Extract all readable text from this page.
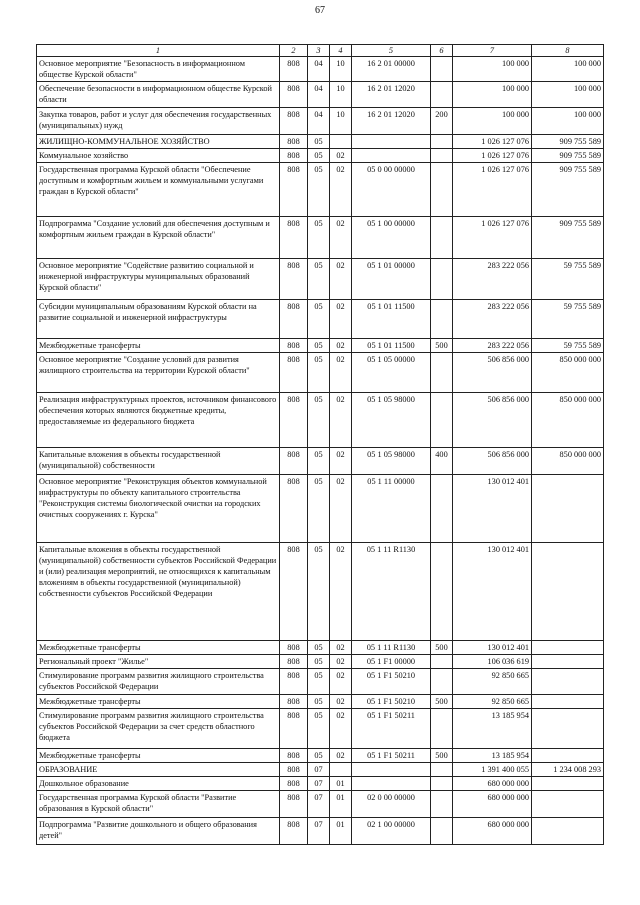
67
1	2	3	4	5	6	7	8
Основное мероприятие "Безопасность в информационном обществе Курской области"	808	04	10	16 2 01 00000		100 000	100 000
Обеспечение безопасности в информационном обществе Курской области	808	04	10	16 2 01 12020		100 000	100 000
Закупка товаров, работ и услуг для обеспечения государственных (муниципальных) нужд	808	04	10	16 2 01 12020	200	100 000	100 000
ЖИЛИЩНО-КОММУНАЛЬНОЕ ХОЗЯЙСТВО	808	05				1 026 127 076	909 755 589
Коммунальное хозяйство	808	05	02			1 026 127 076	909 755 589
Государственная программа Курской области "Обеспечение доступным и комфортным жильем и коммунальными услугами граждан в Курской области"	808	05	02	05 0 00 00000		1 026 127 076	909 755 589
Подпрограмма "Создание условий для обеспечения доступным и комфортным жильем граждан в Курской области"	808	05	02	05 1 00 00000		1 026 127 076	909 755 589
Основное мероприятие "Содействие развитию социальной и инженерной инфраструктуры муниципальных образований Курской области"	808	05	02	05 1 01 00000		283 222 056	59 755 589
Субсидии муниципальным образованиям Курской области на развитие социальной и инженерной инфраструктуры	808	05	02	05 1 01 11500		283 222 056	59 755 589
Межбюджетные трансферты	808	05	02	05 1 01 11500	500	283 222 056	59 755 589
Основное мероприятие "Создание условий для развития жилищного строительства на территории Курской области"	808	05	02	05 1 05 00000		506 856 000	850 000 000
Реализация инфраструктурных проектов, источником финансового обеспечения которых являются бюджетные кредиты, предоставляемые из федерального бюджета	808	05	02	05 1 05 98000		506 856 000	850 000 000
Капитальные вложения в объекты государственной (муниципальной) собственности	808	05	02	05 1 05 98000	400	506 856 000	850 000 000
Основное мероприятие "Реконструкция объектов коммунальной инфраструктуры по объекту капитального строительства "Реконструкция системы биологической очистки на городских очистных сооружениях г. Курска"	808	05	02	05 1 11 00000		130 012 401	
Капитальные вложения в объекты государственной (муниципальной) собственности субъектов Российской Федерации и (или) реализация мероприятий, не относящихся к капитальным вложениям в объекты государственной (муниципальной) собственности субъектов Российской Федерации	808	05	02	05 1 11 R1130		130 012 401	
Межбюджетные трансферты	808	05	02	05 1 11 R1130	500	130 012 401	
Региональный проект "Жилье"	808	05	02	05 1 F1 00000		106 036 619	
Стимулирование программ развития жилищного строительства субъектов Российской Федерации	808	05	02	05 1 F1 50210		92 850 665	
Межбюджетные трансферты	808	05	02	05 1 F1 50210	500	92 850 665	
Стимулирование программ развития жилищного строительства субъектов Российской Федерации за счет средств областного бюджета	808	05	02	05 1 F1 50211		13 185 954	
Межбюджетные трансферты	808	05	02	05 1 F1 50211	500	13 185 954	
ОБРАЗОВАНИЕ	808	07				1 391 400 055	1 234 008 293
Дошкольное образование	808	07	01			680 000 000	
Государственная программа Курской области "Развитие образования в Курской области"	808	07	01	02 0 00 00000		680 000 000	
Подпрограмма "Развитие дошкольного и общего образования детей"	808	07	01	02 1 00 00000		680 000 000	
